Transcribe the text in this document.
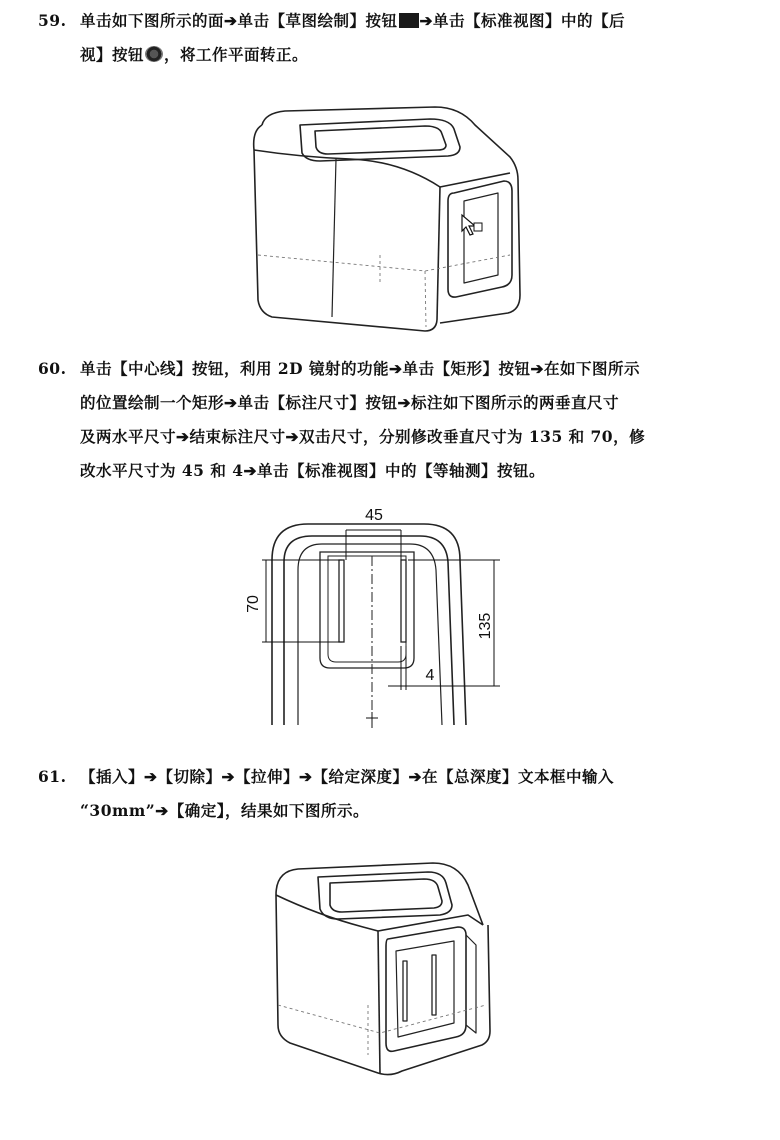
59. 单击如下图所示的面➔单击【草图绘制】按钮 ➔单击【标准视图】中的【后
视】按钮 ，将工作平面转正。
60. 单击【中心线】按钮，利用 2D 镜射的功能➔单击【矩形】按钮➔在如下图所示
的位置绘制一个矩形➔单击【标注尺寸】按钮➔标注如下图所示的两垂直尺寸
及两水平尺寸➔结束标注尺寸➔双击尺寸，分别修改垂直尺寸为 135 和 70，修
改水平尺寸为 45 和 4➔单击【标准视图】中的【等轴测】按钮。
45
70
135
4
61. 【插入】➔【切除】➔【拉伸】➔【给定深度】➔在【总深度】文本框中输入
“30mm”➔【确定】，结果如下图所示。
